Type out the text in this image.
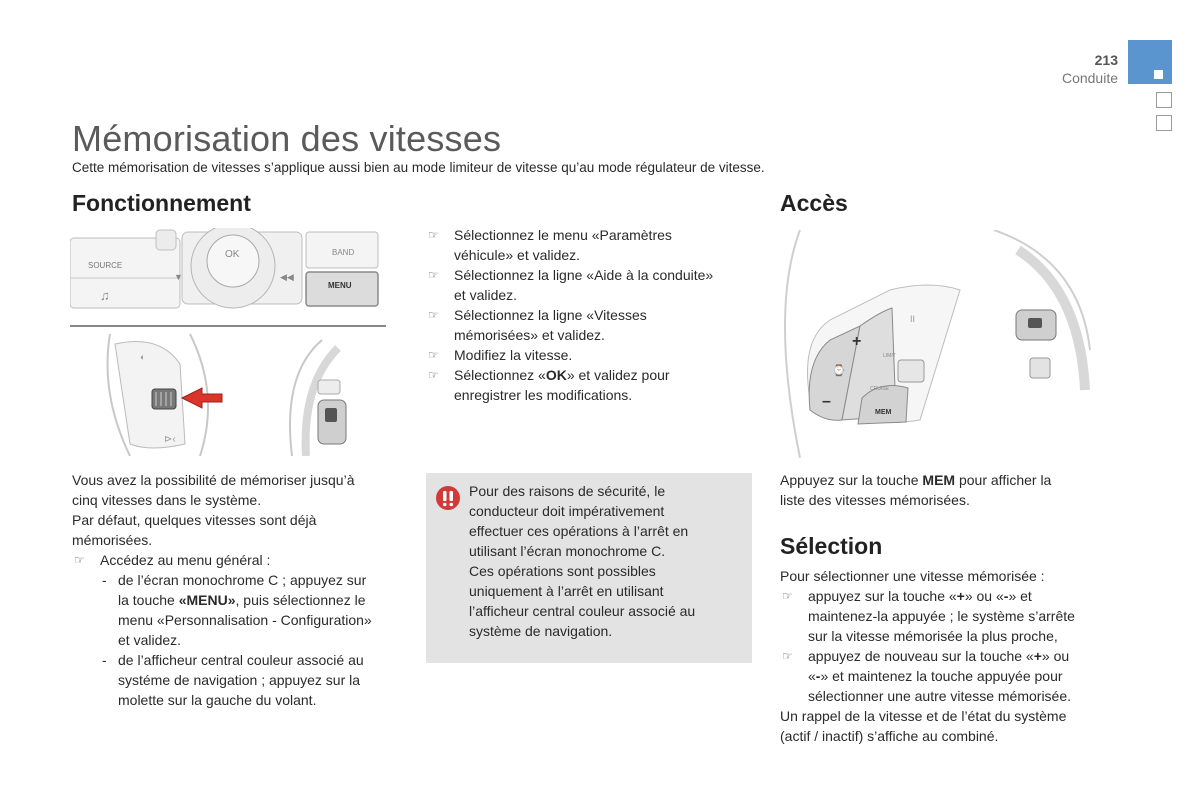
213
Conduite
Mémorisation des vitesses
Cette mémorisation de vitesses s’applique aussi bien au mode limiteur de vitesse qu’au mode régulateur de vitesse.
Fonctionnement
SOURCE
♫
OK
▼	◀◀
BAND
MENU
◐
⊳‹
☞ Sélectionnez le menu «Paramètres
véhicule» et validez.
☞ Sélectionnez la ligne «Aide à la conduite»
et validez.
☞ Sélectionnez la ligne «Vitesses
mémorisées» et validez.
☞ Modifiez la vitesse.
☞ Sélectionnez «OK» et validez pour
enregistrer les modifications.

Vous avez la possibilité de mémoriser jusqu’à

cinq vitesses dans le système.

Par défaut, quelques vitesses sont déjà

mémorisées.

☞ Accédez au menu général :
- de l’écran monochrome C ; appuyez sur
la touche «MENU», puis sélectionnez le
menu «Personnalisation - Configuration»
et validez.
- de l’afficheur central couleur associé au
systéme de navigation ; appuyez sur la
molette sur la gauche du volant.
Pour des raisons de sécurité, le
conducteur doit impérativement
effectuer ces opérations à l’arrêt en
utilisant l’écran monochrome C.
Ces opérations sont possibles
uniquement à l’arrêt en utilisant
l’afficheur central couleur associé au
système de navigation.
Accès
+
–
MEM
⌚
LIMIT
CRUISE
II

Appuyez sur la touche MEM pour afficher la

liste des vitesses mémorisées.

Sélection

Pour sélectionner une vitesse mémorisée :

☞ appuyez sur la touche «+» ou «-» et
maintenez-la appuyée ; le système s’arrête
sur la vitesse mémorisée la plus proche,
☞ appuyez de nouveau sur la touche «+» ou
«-» et maintenez la touche appuyée pour
sélectionner une autre vitesse mémorisée.

Un rappel de la vitesse et de l’état du système

(actif / inactif) s’affiche au combiné.
